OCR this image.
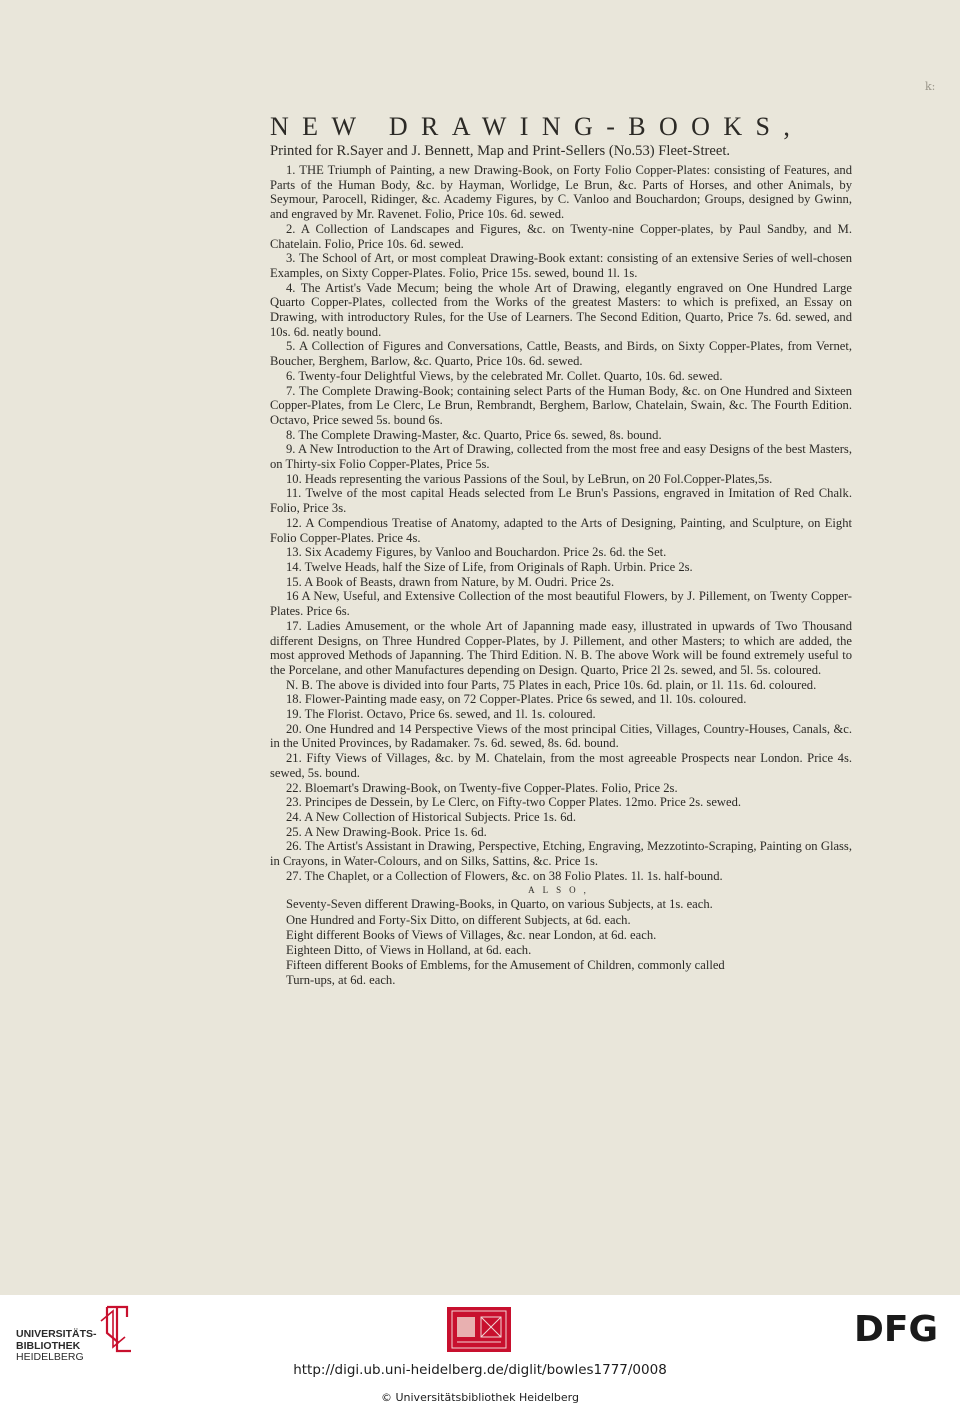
k:
NEW DRAWING-BOOKS,

Printed for R.Sayer and J. Bennett, Map and Print-Sellers (No.53) Fleet-Street.

1. THE Triumph of Painting, a new Drawing-Book, on Forty Folio Copper-Plates: consisting of Features, and Parts of the Human Body, &c. by Hayman, Worlidge, Le Brun, &c. Parts of Horses, and other Animals, by Seymour, Parocell, Ridinger, &c. Academy Figures, by C. Vanloo and Bouchardon; Groups, designed by Gwinn, and engraved by Mr. Ravenet. Folio, Price 10s. 6d. sewed.

2. A Collection of Landscapes and Figures, &c. on Twenty-nine Copper-plates, by Paul Sandby, and M. Chatelain. Folio, Price 10s. 6d. sewed.

3. The School of Art, or most compleat Drawing-Book extant: consisting of an extensive Series of well-chosen Examples, on Sixty Copper-Plates. Folio, Price 15s. sewed, bound 1l. 1s.

4. The Artist's Vade Mecum; being the whole Art of Drawing, elegantly engraved on One Hundred Large Quarto Copper-Plates, collected from the Works of the greatest Masters: to which is prefixed, an Essay on Drawing, with introductory Rules, for the Use of Learners. The Second Edition, Quarto, Price 7s. 6d. sewed, and 10s. 6d. neatly bound.

5. A Collection of Figures and Conversations, Cattle, Beasts, and Birds, on Sixty Copper-Plates, from Vernet, Boucher, Berghem, Barlow, &c. Quarto, Price 10s. 6d. sewed.

6. Twenty-four Delightful Views, by the celebrated Mr. Collet. Quarto, 10s. 6d. sewed.

7. The Complete Drawing-Book; containing select Parts of the Human Body, &c. on One Hundred and Sixteen Copper-Plates, from Le Clerc, Le Brun, Rembrandt, Berghem, Barlow, Chatelain, Swain, &c. The Fourth Edition. Octavo, Price sewed 5s. bound 6s.

8. The Complete Drawing-Master, &c. Quarto, Price 6s. sewed, 8s. bound.

9. A New Introduction to the Art of Drawing, collected from the most free and easy Designs of the best Masters, on Thirty-six Folio Copper-Plates, Price 5s.

10. Heads representing the various Passions of the Soul, by LeBrun, on 20 Fol.Copper-Plates,5s.

11. Twelve of the most capital Heads selected from Le Brun's Passions, engraved in Imitation of Red Chalk. Folio, Price 3s.

12. A Compendious Treatise of Anatomy, adapted to the Arts of Designing, Painting, and Sculpture, on Eight Folio Copper-Plates. Price 4s.

13. Six Academy Figures, by Vanloo and Bouchardon. Price 2s. 6d. the Set.

14. Twelve Heads, half the Size of Life, from Originals of Raph. Urbin. Price 2s.

15. A Book of Beasts, drawn from Nature, by M. Oudri. Price 2s.

16 A New, Useful, and Extensive Collection of the most beautiful Flowers, by J. Pillement, on Twenty Copper-Plates. Price 6s.

17. Ladies Amusement, or the whole Art of Japanning made easy, illustrated in upwards of Two Thousand different Designs, on Three Hundred Copper-Plates, by J. Pillement, and other Masters; to which are added, the most approved Methods of Japanning. The Third Edition. N. B. The above Work will be found extremely useful to the Porcelane, and other Manufactures depending on Design. Quarto, Price 2l 2s. sewed, and 5l. 5s. coloured.

N. B. The above is divided into four Parts, 75 Plates in each, Price 10s. 6d. plain, or 1l. 11s. 6d. coloured.

18. Flower-Painting made easy, on 72 Copper-Plates. Price 6s sewed, and 1l. 10s. coloured.

19. The Florist. Octavo, Price 6s. sewed, and 1l. 1s. coloured.

20. One Hundred and 14 Perspective Views of the most principal Cities, Villages, Country-Houses, Canals, &c. in the United Provinces, by Radamaker. 7s. 6d. sewed, 8s. 6d. bound.

21. Fifty Views of Villages, &c. by M. Chatelain, from the most agreeable Prospects near London. Price 4s. sewed, 5s. bound.

22. Bloemart's Drawing-Book, on Twenty-five Copper-Plates. Folio, Price 2s.

23. Principes de Dessein, by Le Clerc, on Fifty-two Copper Plates. 12mo. Price 2s. sewed.

24. A New Collection of Historical Subjects. Price 1s. 6d.

25. A New Drawing-Book. Price 1s. 6d.

26. The Artist's Assistant in Drawing, Perspective, Etching, Engraving, Mezzotinto-Scraping, Painting on Glass, in Crayons, in Water-Colours, and on Silks, Sattins, &c. Price 1s.

27. The Chaplet, or a Collection of Flowers, &c. on 38 Folio Plates. 1l. 1s. half-bound.

ALSO,

Seventy-Seven different Drawing-Books, in Quarto, on various Subjects, at 1s. each.

One Hundred and Forty-Six Ditto, on different Subjects, at 6d. each.

Eight different Books of Views of Villages, &c. near London, at 6d. each.

Eighteen Ditto, of Views in Holland, at 6d. each.

Fifteen different Books of Emblems, for the Amusement of Children, commonly called

Turn-ups, at 6d. each.

UNIVERSITÄTS-

BIBLIOTHEK

HEIDELBERG

DFG
http://digi.ub.uni-heidelberg.de/diglit/bowles1777/0008
© Universitätsbibliothek Heidelberg
